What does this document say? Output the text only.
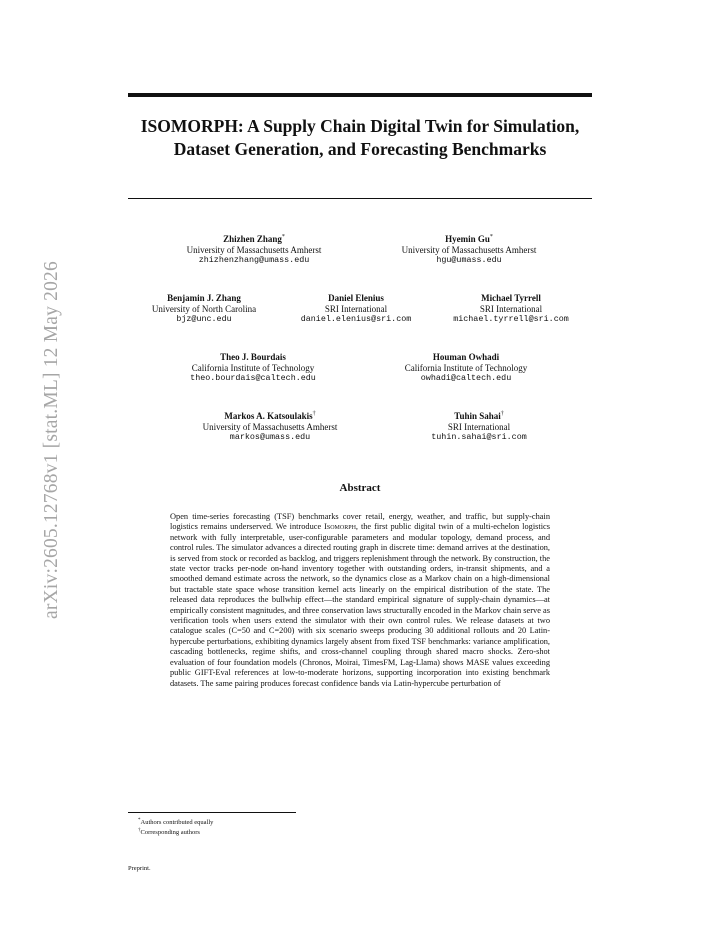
arXiv:2605.12768v1 [stat.ML] 12 May 2026
ISOMORPH: A Supply Chain Digital Twin for Simulation, Dataset Generation, and Forecasting Benchmarks
Zhizhen Zhang*
University of Massachusetts Amherst
zhizhenzhang@umass.edu
Hyemin Gu*
University of Massachusetts Amherst
hgu@umass.edu
Benjamin J. Zhang
University of North Carolina
bjz@unc.edu
Daniel Elenius
SRI International
daniel.elenius@sri.com
Michael Tyrrell
SRI International
michael.tyrrell@sri.com
Theo J. Bourdais
California Institute of Technology
theo.bourdais@caltech.edu
Houman Owhadi
California Institute of Technology
owhadi@caltech.edu
Markos A. Katsoulakis†
University of Massachusetts Amherst
markos@umass.edu
Tuhin Sahai†
SRI International
tuhin.sahai@sri.com
Abstract
Open time-series forecasting (TSF) benchmarks cover retail, energy, weather, and traffic, but supply-chain logistics remains underserved. We introduce Isomorph, the first public digital twin of a multi-echelon logistics network with fully interpretable, user-configurable parameters and modular topology, demand process, and control rules. The simulator advances a directed routing graph in discrete time: demand arrives at the destination, is served from stock or recorded as backlog, and triggers replenishment through the network. By construction, the state vector tracks per-node on-hand inventory together with outstanding orders, in-transit shipments, and a smoothed demand estimate across the network, so the dynamics close as a Markov chain on a high-dimensional but tractable state space whose transition kernel acts linearly on the empirical distribution of the state. The released data reproduces the bullwhip effect—the standard empirical signature of supply-chain dynamics—at empirically consistent magnitudes, and three conservation laws structurally encoded in the Markov chain serve as verification tools when users extend the simulator with their own control rules. We release datasets at two catalogue scales (C=50 and C=200) with six scenario sweeps producing 30 additional rollouts and 20 Latin-hypercube perturbations, exhibiting dynamics largely absent from fixed TSF benchmarks: variance amplification, cascading bottlenecks, regime shifts, and cross-channel coupling through shared macro shocks. Zero-shot evaluation of four foundation models (Chronos, Moirai, TimesFM, Lag-Llama) shows MASE values exceeding public GIFT-Eval references at low-to-moderate horizons, supporting incorporation into existing benchmark datasets. The same pairing produces forecast confidence bands via Latin-hypercube perturbation of
*Authors contributed equally
†Corresponding authors
Preprint.
